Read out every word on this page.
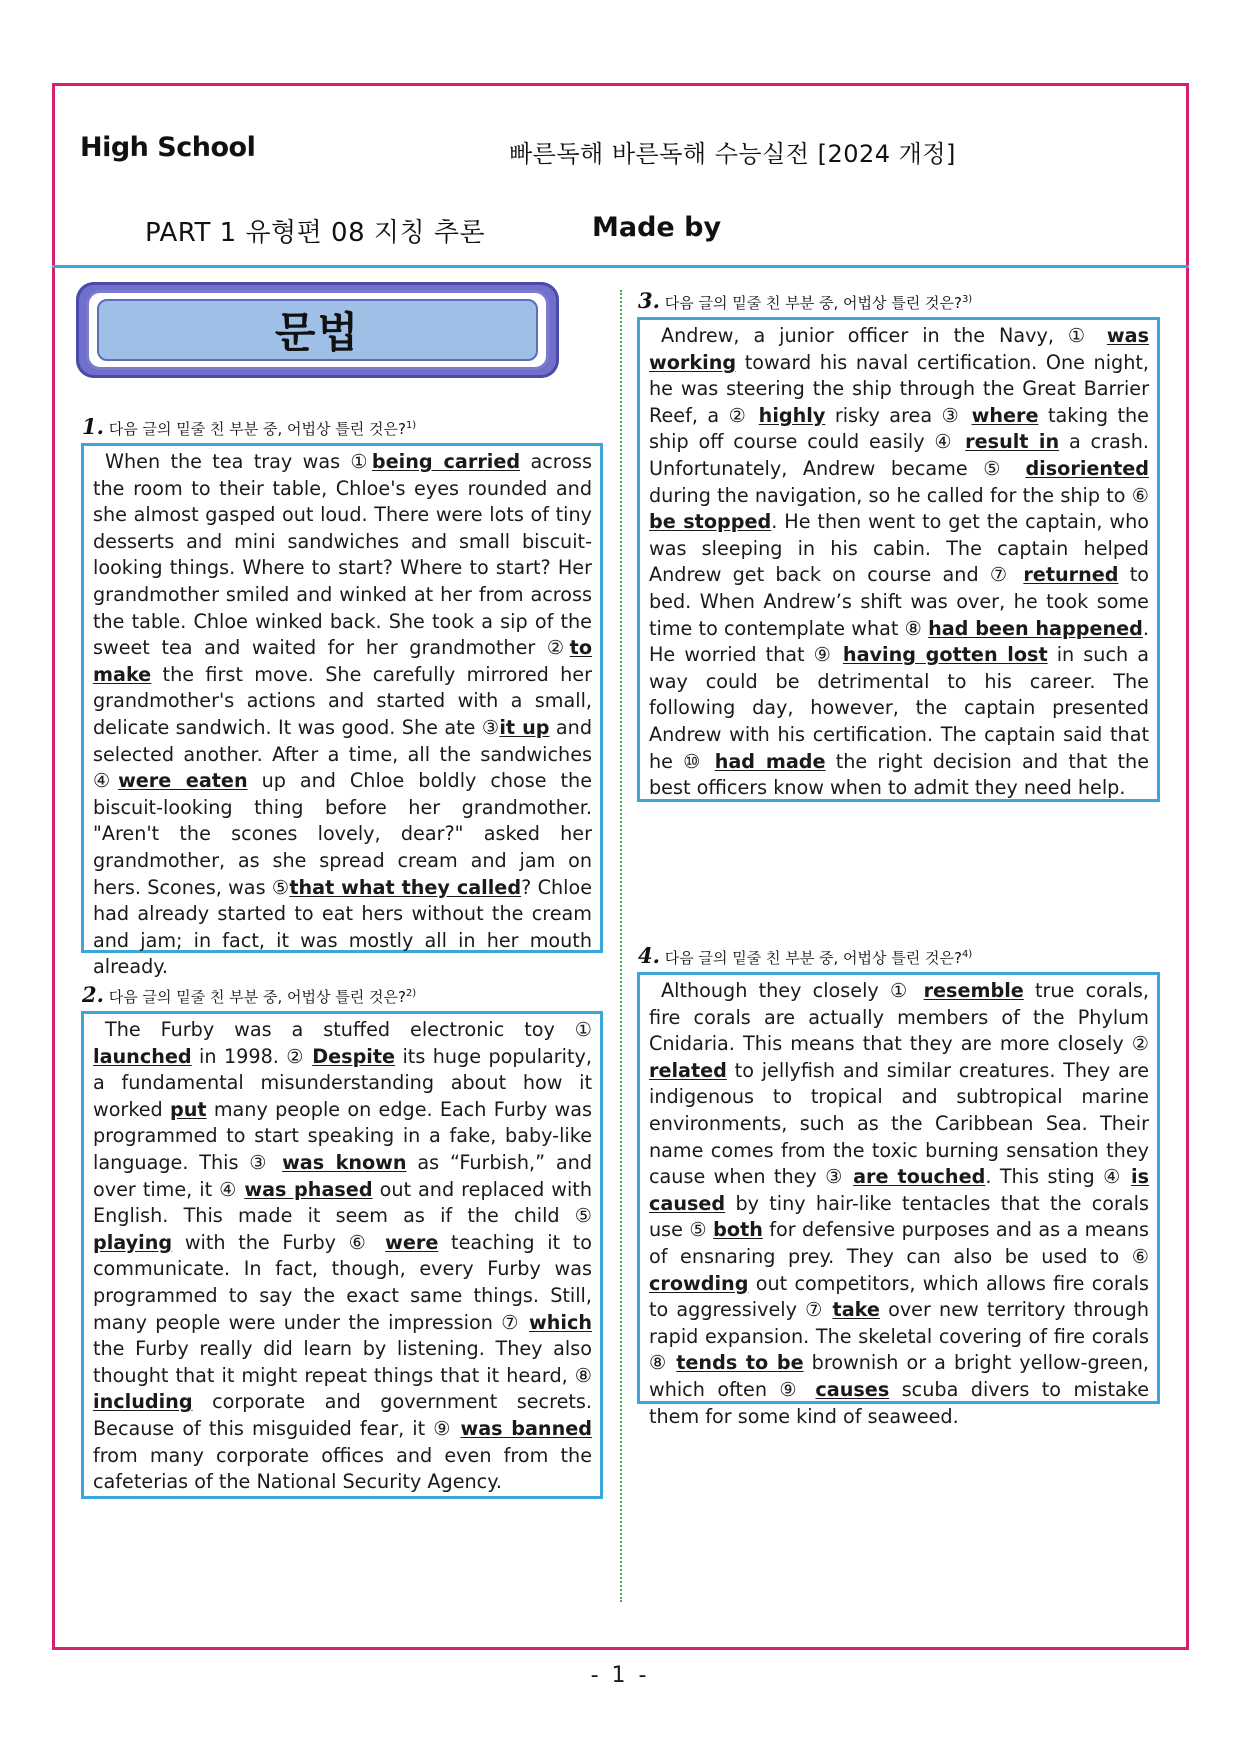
High School	빠른독해 바른독해 수능실전 [2024 개정]
PART 1 유형편 08 지칭 추론	Made by
문법
1. 다음 글의 밑줄 친 부분 중, 어법상 틀린 것은?$^{1)}$

When the tea tray was ①being carried across the room to their table, Chloe's eyes rounded and she almost gasped out loud. There were lots of tiny desserts and mini sandwiches and small biscuit-looking things. Where to start? Where to start? Her grandmother smiled and winked at her from across the table. Chloe winked back. She took a sip of the sweet tea and waited for her grandmother ②to make the first move. She carefully mirrored her grandmother's actions and started with a small, delicate sandwich. It was good. She ate ③it up and selected another. After a time, all the sandwiches ④were eaten up and Chloe boldly chose the biscuit-looking thing before her grandmother. "Aren't the scones lovely, dear?" asked her grandmother, as she spread cream and jam on hers. Scones, was ⑤that what they called? Chloe had already started to eat hers without the cream and jam; in fact, it was mostly all in her mouth already.

2. 다음 글의 밑줄 친 부분 중, 어법상 틀린 것은?$^{2)}$

The Furby was a stuffed electronic toy ① launched in 1998. ② Despite its huge popularity, a fundamental misunderstanding about how it worked put many people on edge. Each Furby was programmed to start speaking in a fake, baby-like language. This ③ was known as “Furbish,” and over time, it ④ was phased out and replaced with English. This made it seem as if the child ⑤ playing with the Furby ⑥ were teaching it to communicate. In fact, though, every Furby was programmed to say the exact same things. Still, many people were under the impression ⑦ which the Furby really did learn by listening. They also thought that it might repeat things that it heard, ⑧ including corporate and government secrets. Because of this misguided fear, it ⑨ was banned from many corporate offices and even from the cafeterias of the National Security Agency.

3. 다음 글의 밑줄 친 부분 중, 어법상 틀린 것은?$^{3)}$

Andrew, a junior officer in the Navy, ① was working toward his naval certification. One night, he was steering the ship through the Great Barrier Reef, a ② highly risky area ③ where taking the ship off course could easily ④ result in a crash. Unfortunately, Andrew became ⑤ disoriented during the navigation, so he called for the ship to ⑥ be stopped. He then went to get the captain, who was sleeping in his cabin. The captain helped Andrew get back on course and ⑦ returned to bed. When Andrew’s shift was over, he took some time to contemplate what ⑧ had been happened. He worried that ⑨ having gotten lost in such a way could be detrimental to his career. The following day, however, the captain presented Andrew with his certification. The captain said that he ⑩ had made the right decision and that the best officers know when to admit they need help.

4. 다음 글의 밑줄 친 부분 중, 어법상 틀린 것은?$^{4)}$

Although they closely ① resemble true corals, fire corals are actually members of the Phylum Cnidaria. This means that they are more closely ② related to jellyfish and similar creatures. They are indigenous to tropical and subtropical marine environments, such as the Caribbean Sea. Their name comes from the toxic burning sensation they cause when they ③ are touched. This sting ④ is caused by tiny hair-like tentacles that the corals use ⑤ both for defensive purposes and as a means of ensnaring prey. They can also be used to ⑥ crowding out competitors, which allows fire corals to aggressively ⑦ take over new territory through rapid expansion. The skeletal covering of fire corals ⑧ tends to be brownish or a bright yellow-green, which often ⑨ causes scuba divers to mistake them for some kind of seaweed.

- 1 -
